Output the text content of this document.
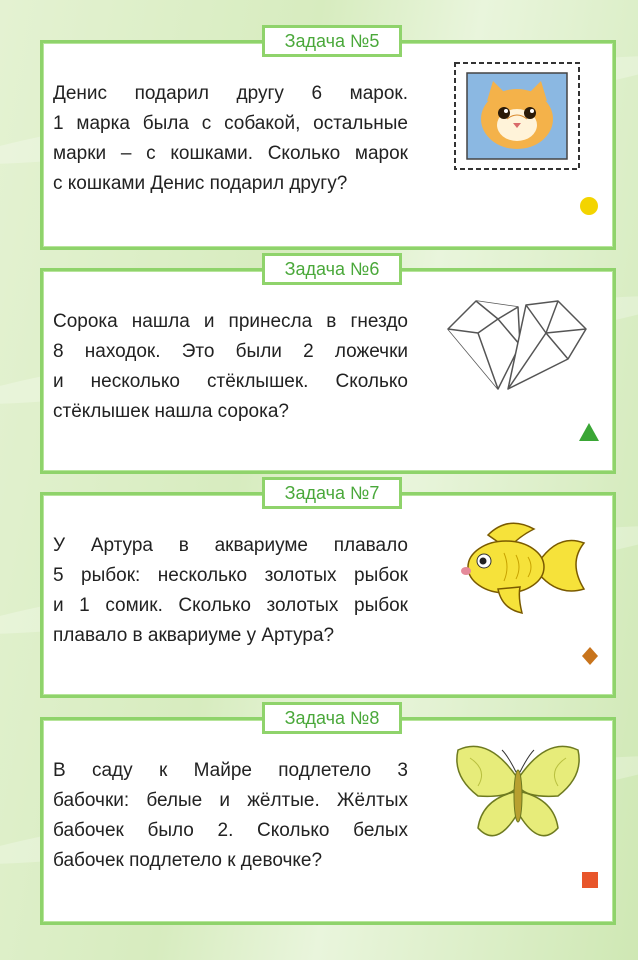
Задача №5
Денис подарил другу 6 марок.
1 марка была с собакой, остальные
марки – с кошками. Сколько марок
с кошками Денис подарил другу?
Задача №6
Сорока нашла и принесла в гнездо
8 находок. Это были 2 ложечки
и несколько стёклышек. Сколько
стёклышек нашла сорока?
Задача №7
У Артура в аквариуме плавало
5 рыбок: несколько золотых рыбок
и 1 сомик. Сколько золотых рыбок
плавало в аквариуме у Артура?
Задача №8
В саду к Майре подлетело 3
бабочки: белые и жёлтые. Жёлтых
бабочек было 2. Сколько белых
бабочек подлетело к девочке?
